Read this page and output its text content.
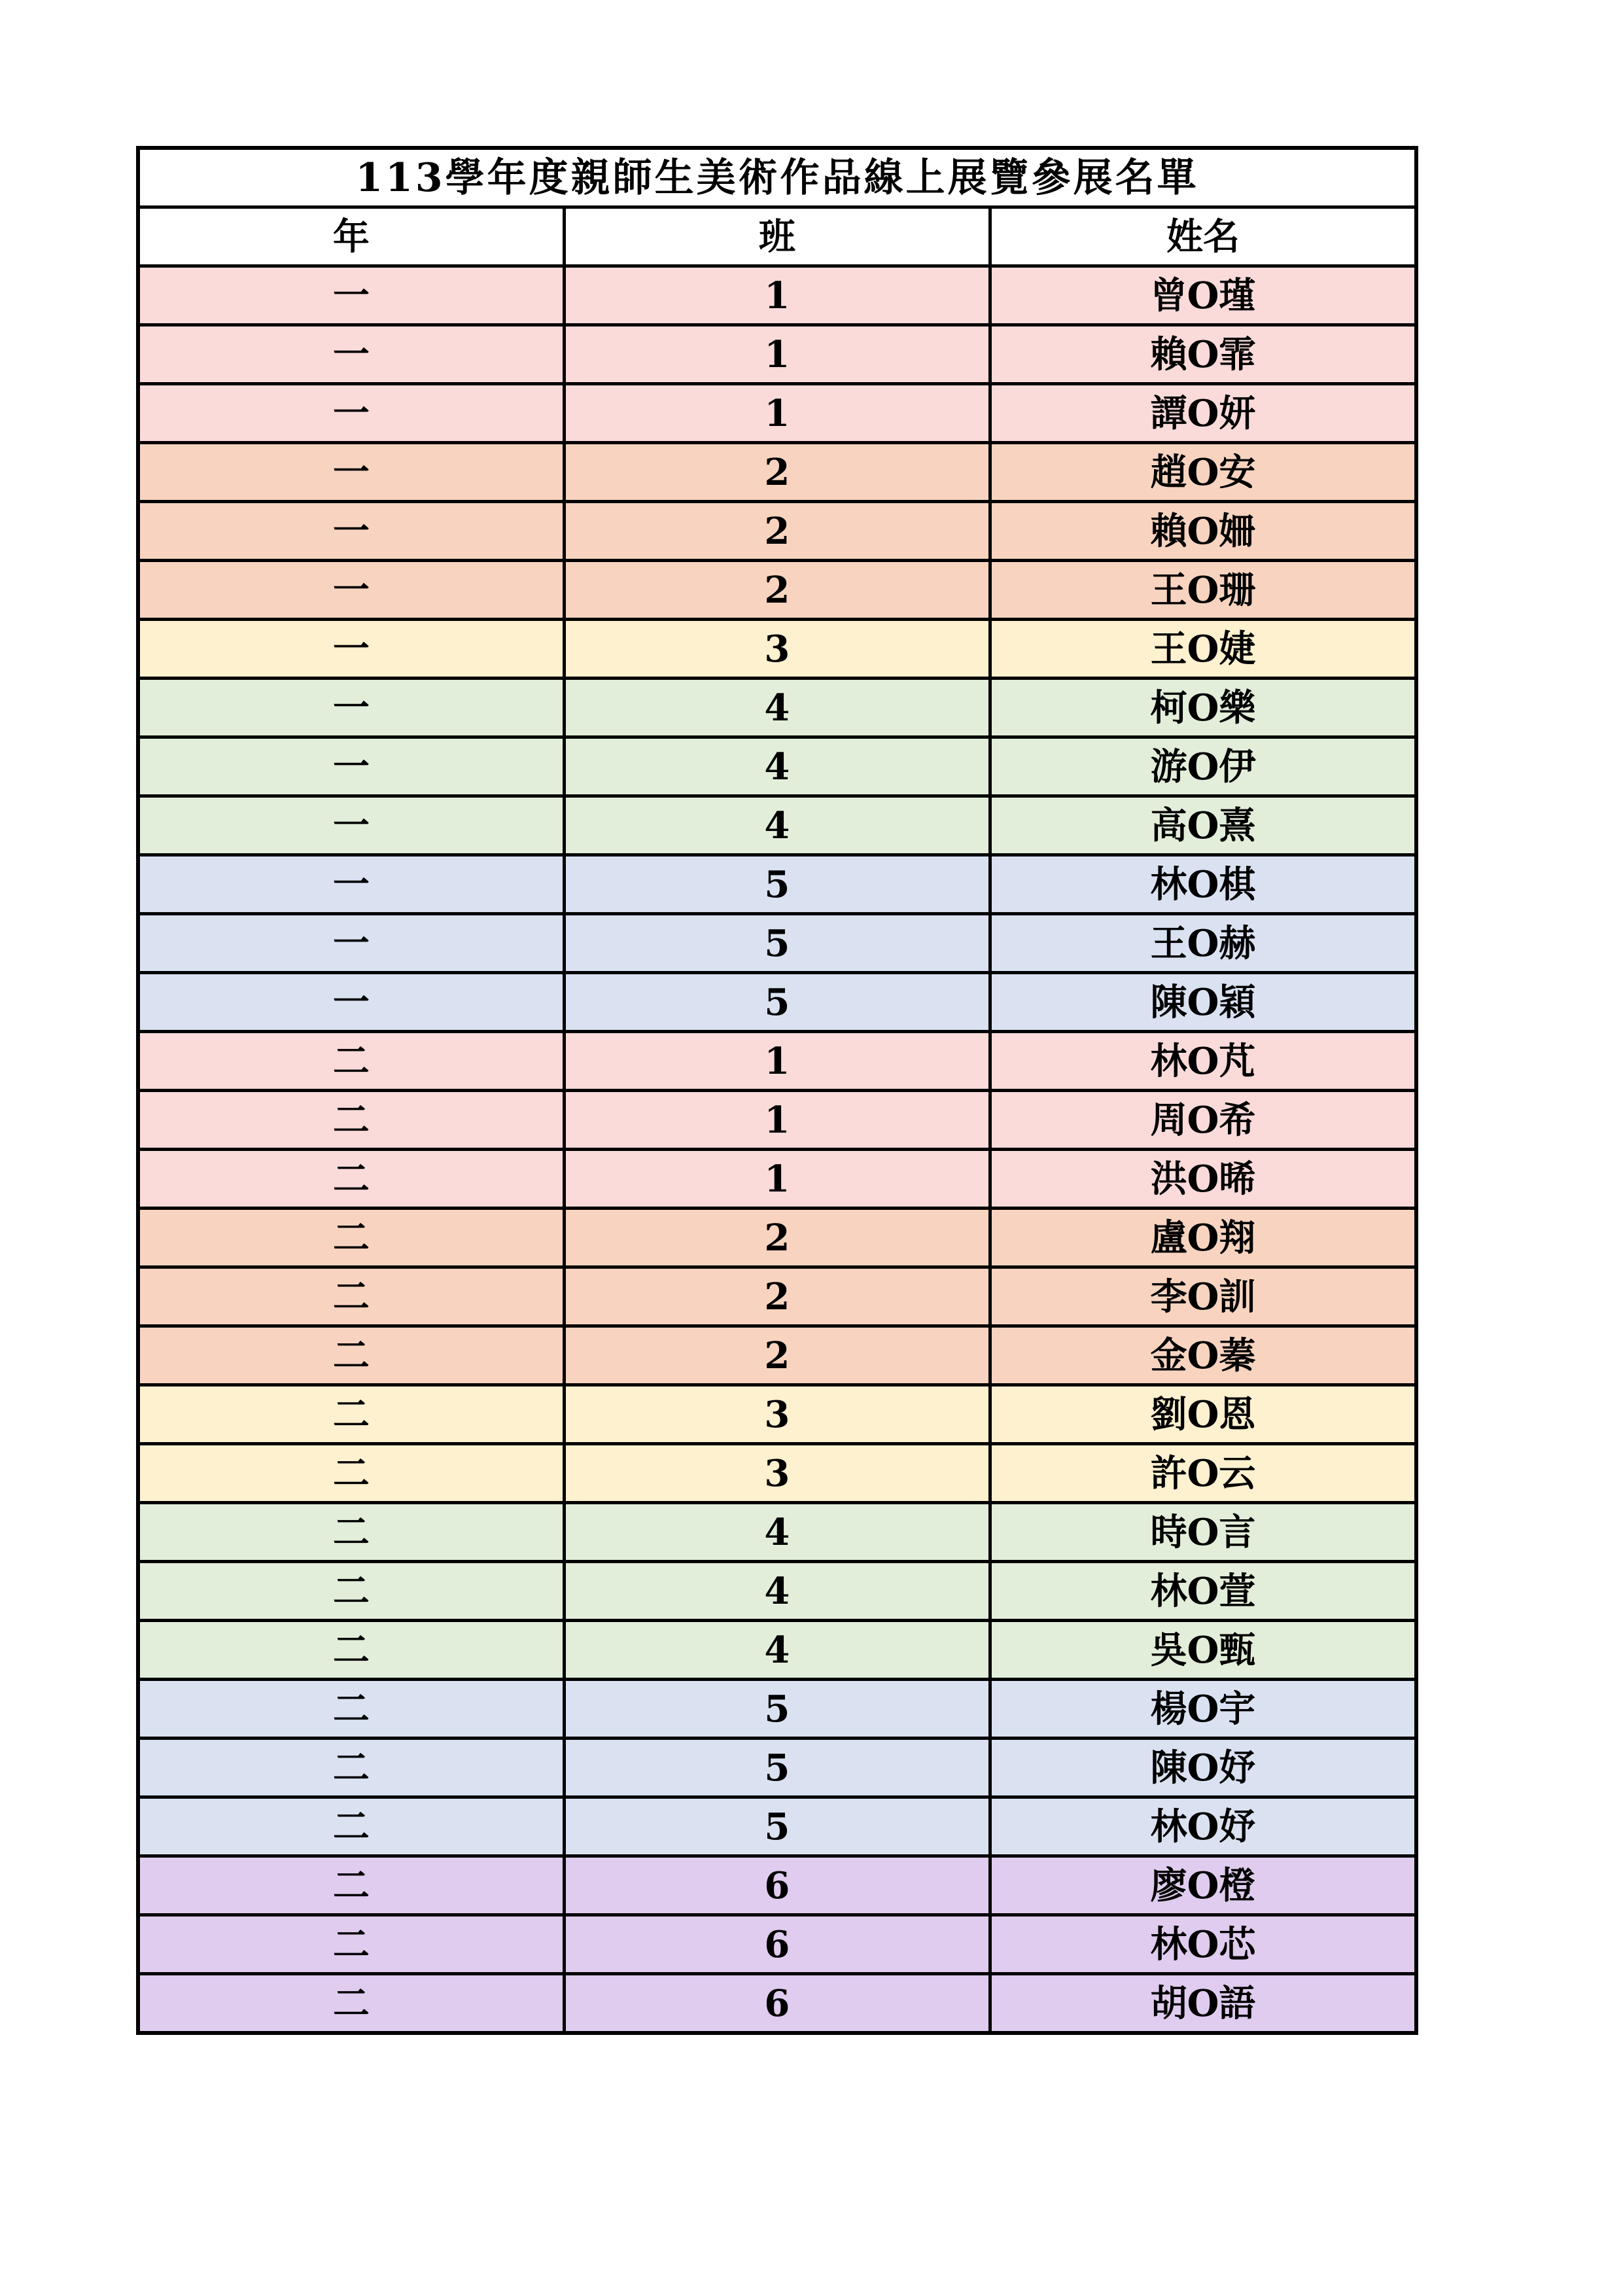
113學年度親師生美術作品線上展覽參展名單		
年	班	姓名
一	1	曾O瑾
一	1	賴O霏
一	1	譚O妍
一	2	趙O安
一	2	賴O姍
一	2	王O珊
一	3	王O婕
一	4	柯O樂
一	4	游O伊
一	4	高O熹
一	5	林O棋
一	5	王O赫
一	5	陳O穎
二	1	林O芃
二	1	周O希
二	1	洪O晞
二	2	盧O翔
二	2	李O訓
二	2	金O蓁
二	3	劉O恩
二	3	許O云
二	4	時O言
二	4	林O萱
二	4	吳O甄
二	5	楊O宇
二	5	陳O妤
二	5	林O妤
二	6	廖O橙
二	6	林O芯
二	6	胡O語
